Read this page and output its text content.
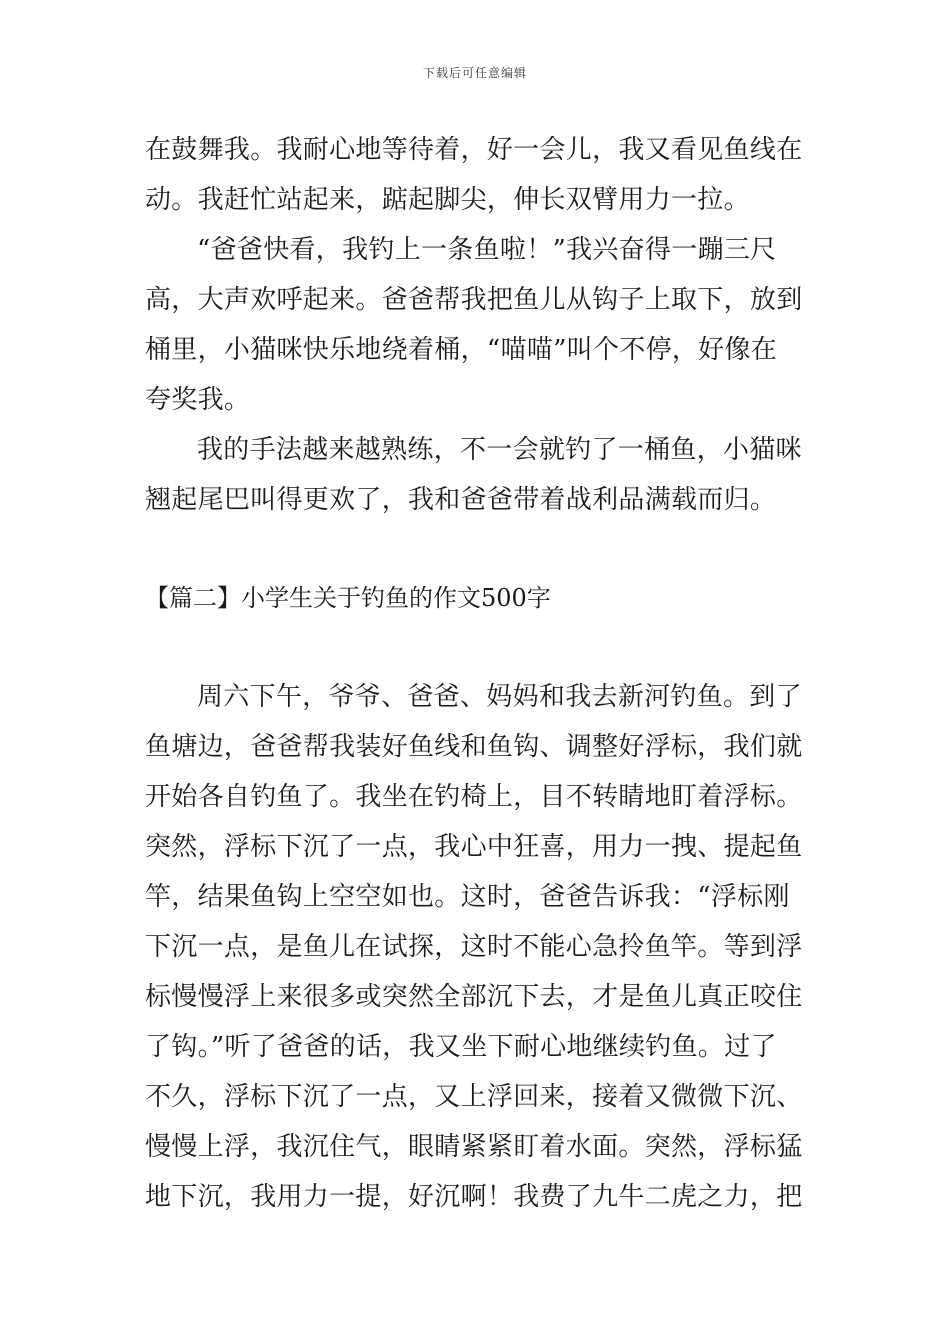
下载后可任意编辑
在鼓舞我。我耐心地等待着，好一会儿，我又看见鱼线在
动。我赶忙站起来，踮起脚尖，伸长双臂用力一拉。
“爸爸快看，我钓上一条鱼啦！”我兴奋得一蹦三尺
高，大声欢呼起来。爸爸帮我把鱼儿从钩子上取下，放到
桶里，小猫咪快乐地绕着桶，“喵喵”叫个不停，好像在
夸奖我。
我的手法越来越熟练，不一会就钓了一桶鱼，小猫咪
翘起尾巴叫得更欢了，我和爸爸带着战利品满载而归。
【篇二】小学生关于钓鱼的作文500字
周六下午，爷爷、爸爸、妈妈和我去新河钓鱼。到了
鱼塘边，爸爸帮我装好鱼线和鱼钩、调整好浮标，我们就
开始各自钓鱼了。我坐在钓椅上，目不转睛地盯着浮标。
突然，浮标下沉了一点，我心中狂喜，用力一拽、提起鱼
竿，结果鱼钩上空空如也。这时，爸爸告诉我：“浮标刚
下沉一点，是鱼儿在试探，这时不能心急拎鱼竿。等到浮
标慢慢浮上来很多或突然全部沉下去，才是鱼儿真正咬住
了钩。”听了爸爸的话，我又坐下耐心地继续钓鱼。过了
不久，浮标下沉了一点，又上浮回来，接着又微微下沉、
慢慢上浮，我沉住气，眼睛紧紧盯着水面。突然，浮标猛
地下沉，我用力一提，好沉啊！我费了九牛二虎之力，把
